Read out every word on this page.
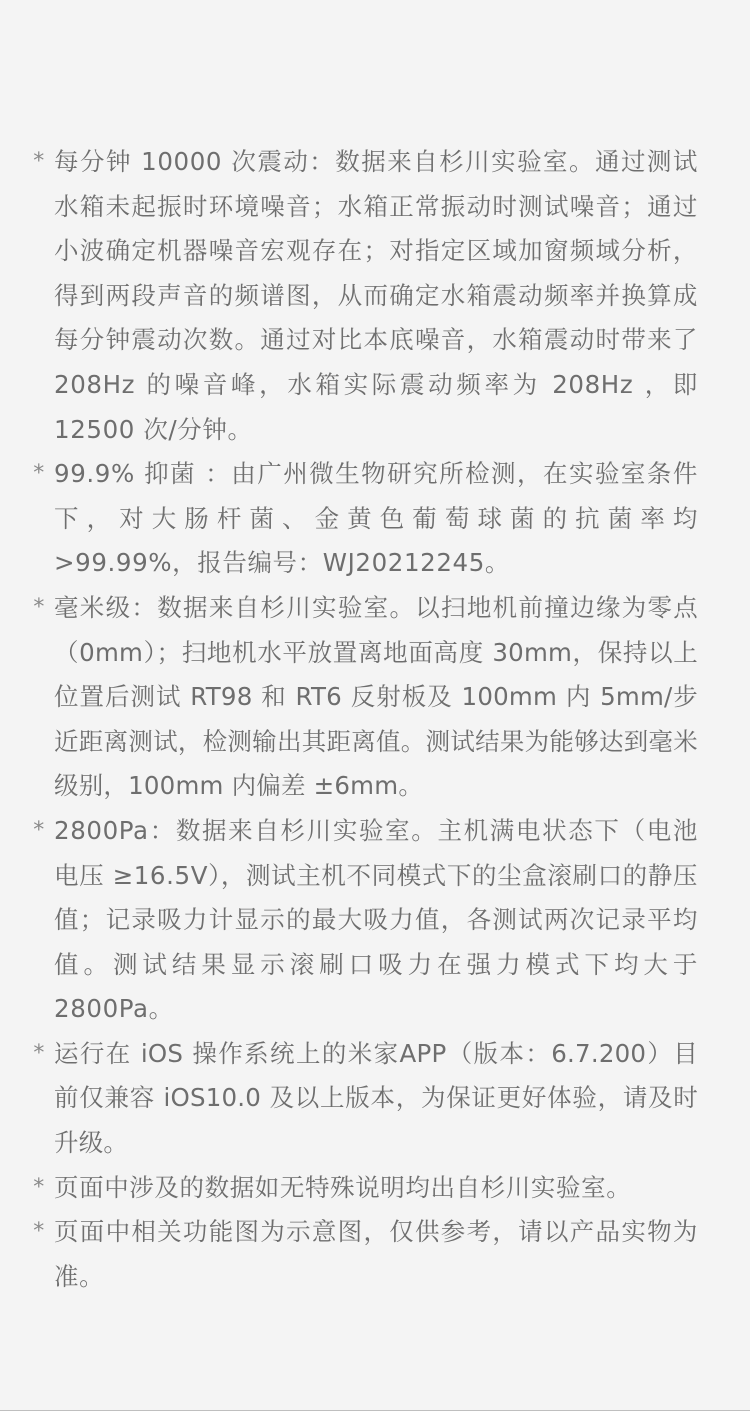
* 每分钟 10000 次震动：数据来自杉川实验室。通过测试水箱未起振时环境噪音；水箱正常振动时测试噪音；通过小波确定机器噪音宏观存在；对指定区域加窗频域分析，得到两段声音的频谱图，从而确定水箱震动频率并换算成每分钟震动次数。通过对比本底噪音，水箱震动时带来了 208Hz 的噪音峰，水箱实际震动频率为 208Hz ，即 12500 次/分钟。

* 99.9% 抑菌 ：由广州微生物研究所检测，在实验室条件下，对大肠杆菌、金黄色葡萄球菌的抗菌率均 >99.99%，报告编号：WJ20212245。

* 毫米级：数据来自杉川实验室。以扫地机前撞边缘为零点（0mm）；扫地机水平放置离地面高度 30mm，保持以上位置后测试 RT98 和 RT6 反射板及 100mm 内 5mm/步近距离测试，检测输出其距离值。测试结果为能够达到毫米级别，100mm 内偏差 ±6mm。

* 2800Pa：数据来自杉川实验室。主机满电状态下（电池电压 ≥16.5V），测试主机不同模式下的尘盒滚刷口的静压值；记录吸力计显示的最大吸力值，各测试两次记录平均值。测试结果显示滚刷口吸力在强力模式下均大于 2800Pa。

* 运行在 iOS 操作系统上的米家APP（版本：6.7.200）目前仅兼容 iOS10.0 及以上版本，为保证更好体验，请及时升级。

* 页面中涉及的数据如无特殊说明均出自杉川实验室。

* 页面中相关功能图为示意图，仅供参考，请以产品实物为准。
